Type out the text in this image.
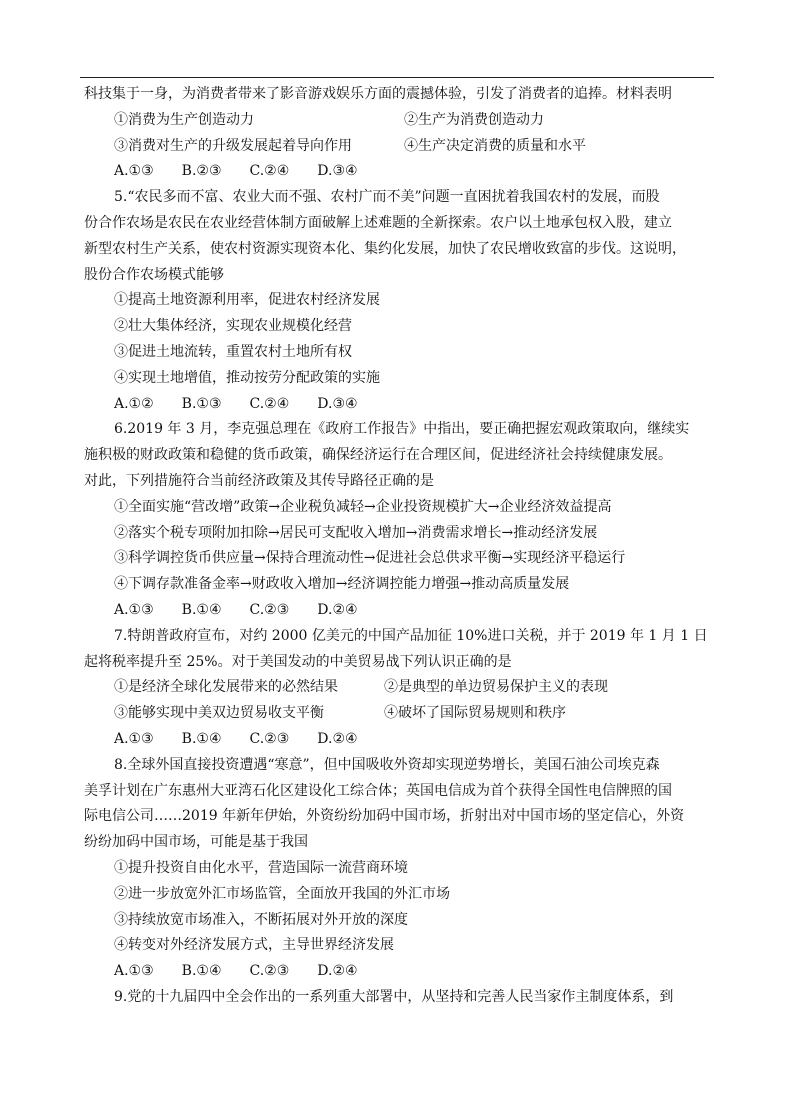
科技集于一身，为消费者带来了影音游戏娱乐方面的震撼体验，引发了消费者的追捧。材料表明
①消费为生产创造动力	②生产为消费创造动力
③消费对生产的升级发展起着导向作用	④生产决定消费的质量和水平
A.①③ B.②③ C.②④ D.③④
5.“农民多而不富、农业大而不强、农村广而不美”问题一直困扰着我国农村的发展，而股
份合作农场是农民在农业经营体制方面破解上述难题的全新探索。农户以土地承包权入股，建立
新型农村生产关系，使农村资源实现资本化、集约化发展，加快了农民增收致富的步伐。这说明，
股份合作农场模式能够
①提高土地资源利用率，促进农村经济发展
②壮大集体经济，实现农业规模化经营
③促进土地流转，重置农村土地所有权
④实现土地增值，推动按劳分配政策的实施
A.①② B.①③ C.②④ D.③④
6.2019 年 3 月，李克强总理在《政府工作报告》中指出，要正确把握宏观政策取向，继续实
施积极的财政政策和稳健的货币政策，确保经济运行在合理区间，促进经济社会持续健康发展。
对此，下列措施符合当前经济政策及其传导路径正确的是
①全面实施“营改增”政策→企业税负减轻→企业投资规模扩大→企业经济效益提高
②落实个税专项附加扣除→居民可支配收入增加→消费需求增长→推动经济发展
③科学调控货币供应量→保持合理流动性→促进社会总供求平衡→实现经济平稳运行
④下调存款准备金率→财政收入增加→经济调控能力增强→推动高质量发展
A.①③ B.①④ C.②③ D.②④
7.特朗普政府宣布，对约 2000 亿美元的中国产品加征 10%进口关税，并于 2019 年 1 月 1 日
起将税率提升至 25%。对于美国发动的中美贸易战下列认识正确的是
①是经济全球化发展带来的必然结果	②是典型的单边贸易保护主义的表现
③能够实现中美双边贸易收支平衡	④破坏了国际贸易规则和秩序
A.①③ B.①④ C.②③ D.②④
8.全球外国直接投资遭遇“寒意”，但中国吸收外资却实现逆势增长，美国石油公司埃克森
美孚计划在广东惠州大亚湾石化区建设化工综合体；英国电信成为首个获得全国性电信牌照的国
际电信公司……2019 年新年伊始，外资纷纷加码中国市场，折射出对中国市场的坚定信心，外资
纷纷加码中国市场，可能是基于我国
①提升投资自由化水平，营造国际一流营商环境
②进一步放宽外汇市场监管，全面放开我国的外汇市场
③持续放宽市场准入，不断拓展对外开放的深度
④转变对外经济发展方式，主导世界经济发展
A.①③ B.①④ C.②③ D.②④
9.党的十九届四中全会作出的一系列重大部署中，从坚持和完善人民当家作主制度体系，到
